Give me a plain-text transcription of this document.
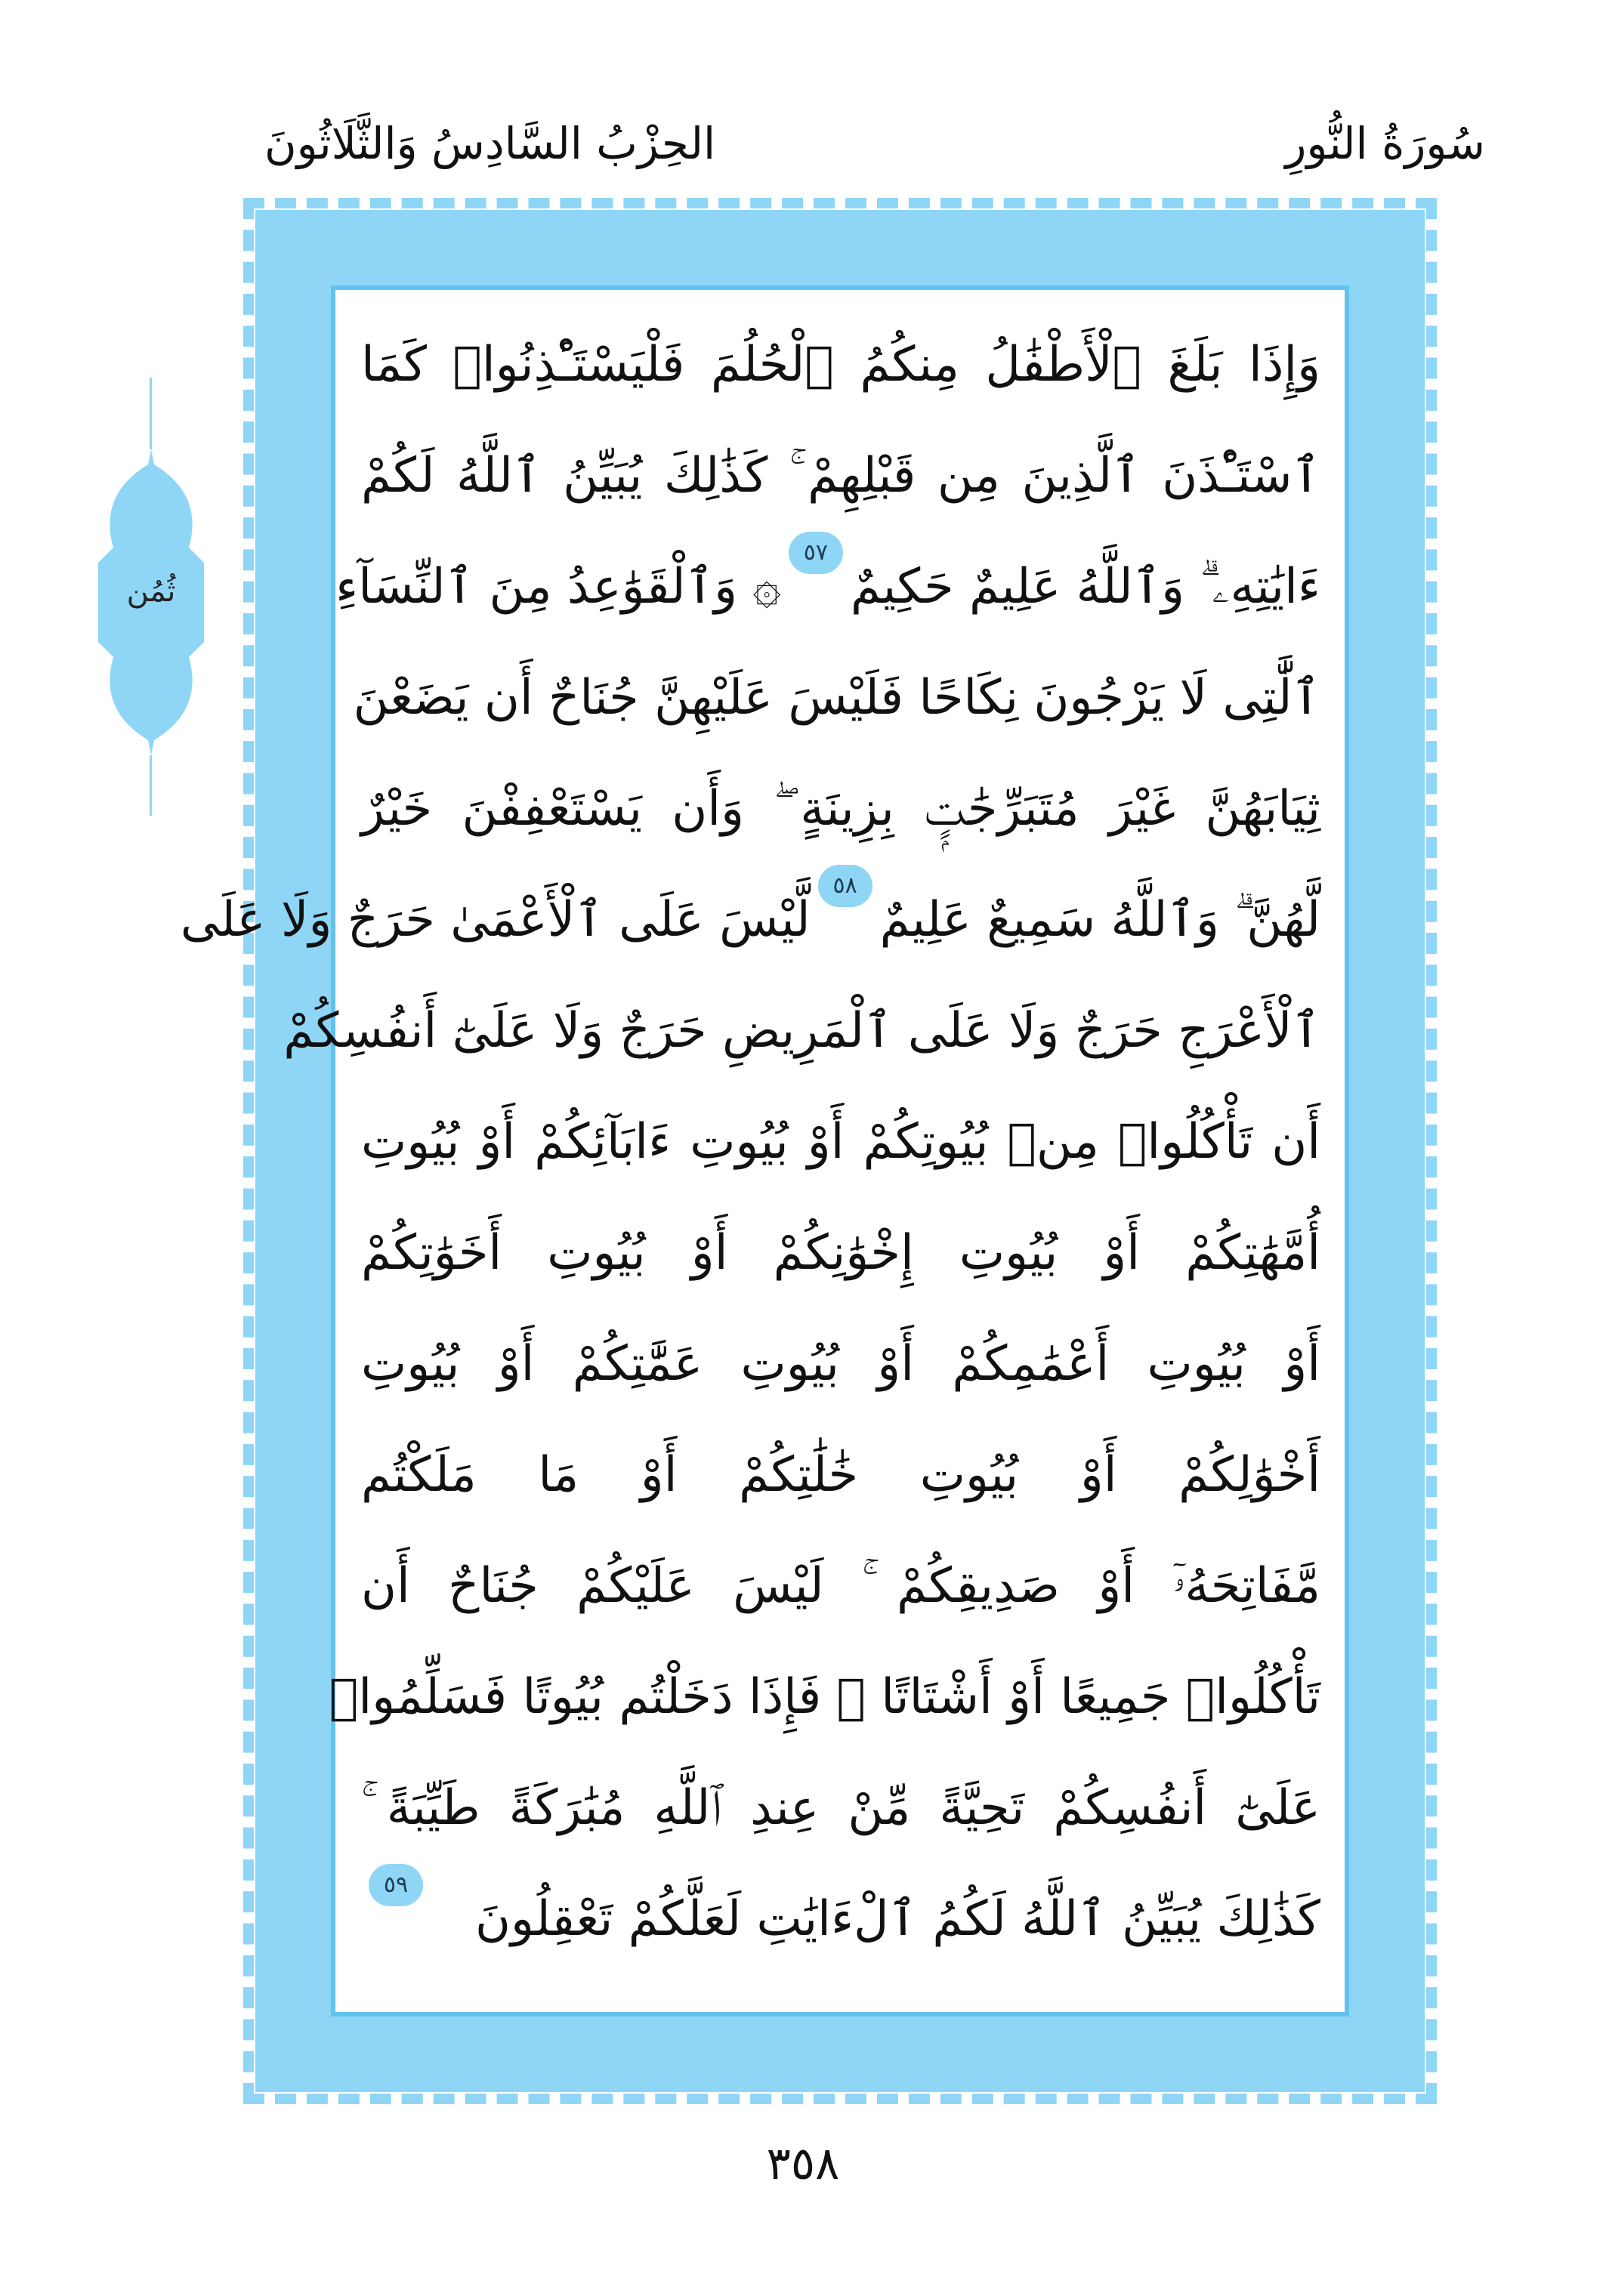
سُورَةُ النُّورِ
الحِزْبُ السَّادِسُ وَالثَّلَاثُونَ
وَإِذَا بَلَغَ ٱلْأَطْفَٰلُ مِنكُمُ ٱلْحُلُمَ فَلْيَسْتَـْٔذِنُوا۟ كَمَا
ٱسْتَـْٔذَنَ ٱلَّذِينَ مِن قَبْلِهِمْ ۚ كَذَٰلِكَ يُبَيِّنُ ٱللَّهُ لَكُمْ
ءَايَٰتِهِۦ ۗ وَٱللَّهُ عَلِيمٌ حَكِيمٌ
٥٧
۞ وَٱلْقَوَٰعِدُ مِنَ ٱلنِّسَآءِ
ٱلَّٰتِى لَا يَرْجُونَ نِكَاحًا فَلَيْسَ عَلَيْهِنَّ جُنَاحٌ أَن يَضَعْنَ
ثِيَابَهُنَّ غَيْرَ مُتَبَرِّجَٰتٍۭ بِزِينَةٍ ۖ وَأَن يَسْتَعْفِفْنَ خَيْرٌ
لَّهُنَّ ۗ وَٱللَّهُ سَمِيعٌ عَلِيمٌ
٥٨
لَّيْسَ عَلَى ٱلْأَعْمَىٰ حَرَجٌ وَلَا عَلَى
ٱلْأَعْرَجِ حَرَجٌ وَلَا عَلَى ٱلْمَرِيضِ حَرَجٌ وَلَا عَلَىٰٓ أَنفُسِكُمْ
أَن تَأْكُلُوا۟ مِنۢ بُيُوتِكُمْ أَوْ بُيُوتِ ءَابَآئِكُمْ أَوْ بُيُوتِ
أُمَّهَٰتِكُمْ أَوْ بُيُوتِ إِخْوَٰنِكُمْ أَوْ بُيُوتِ أَخَوَٰتِكُمْ
أَوْ بُيُوتِ أَعْمَٰمِكُمْ أَوْ بُيُوتِ عَمَّٰتِكُمْ أَوْ بُيُوتِ
أَخْوَٰلِكُمْ أَوْ بُيُوتِ خَٰلَٰتِكُمْ أَوْ مَا مَلَكْتُم
مَّفَاتِحَهُۥٓ أَوْ صَدِيقِكُمْ ۚ لَيْسَ عَلَيْكُمْ جُنَاحٌ أَن
تَأْكُلُوا۟ جَمِيعًا أَوْ أَشْتَاتًا ۚ فَإِذَا دَخَلْتُم بُيُوتًا فَسَلِّمُوا۟
عَلَىٰٓ أَنفُسِكُمْ تَحِيَّةً مِّنْ عِندِ ٱللَّهِ مُبَٰرَكَةً طَيِّبَةً ۚ
كَذَٰلِكَ يُبَيِّنُ ٱللَّهُ لَكُمُ ٱلْءَايَٰتِ لَعَلَّكُمْ تَعْقِلُونَ
٥٩
ثُمُن
٣٥٨
